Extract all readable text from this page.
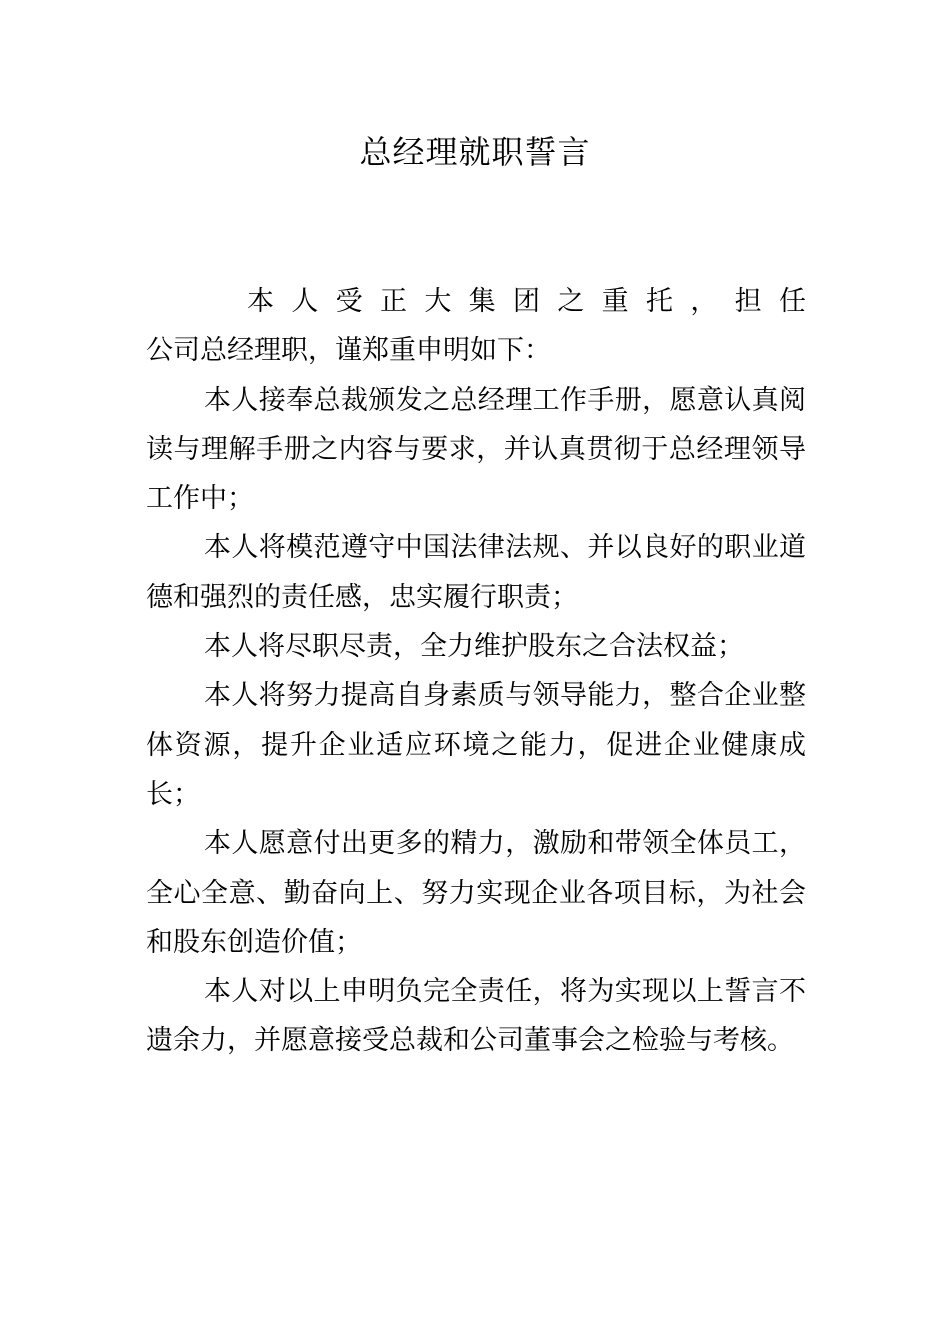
总经理就职誓言

本人受正大集团之重托，担任

公司总经理职，谨郑重申明如下：

本人接奉总裁颁发之总经理工作手册，愿意认真阅读与理解手册之内容与要求，并认真贯彻于总经理领导工作中；

本人将模范遵守中国法律法规、并以良好的职业道德和强烈的责任感，忠实履行职责；

本人将尽职尽责，全力维护股东之合法权益；

本人将努力提高自身素质与领导能力，整合企业整体资源，提升企业适应环境之能力，促进企业健康成长；

本人愿意付出更多的精力，激励和带领全体员工，全心全意、勤奋向上、努力实现企业各项目标，为社会和股东创造价值；

本人对以上申明负完全责任，将为实现以上誓言不遗余力，并愿意接受总裁和公司董事会之检验与考核。
